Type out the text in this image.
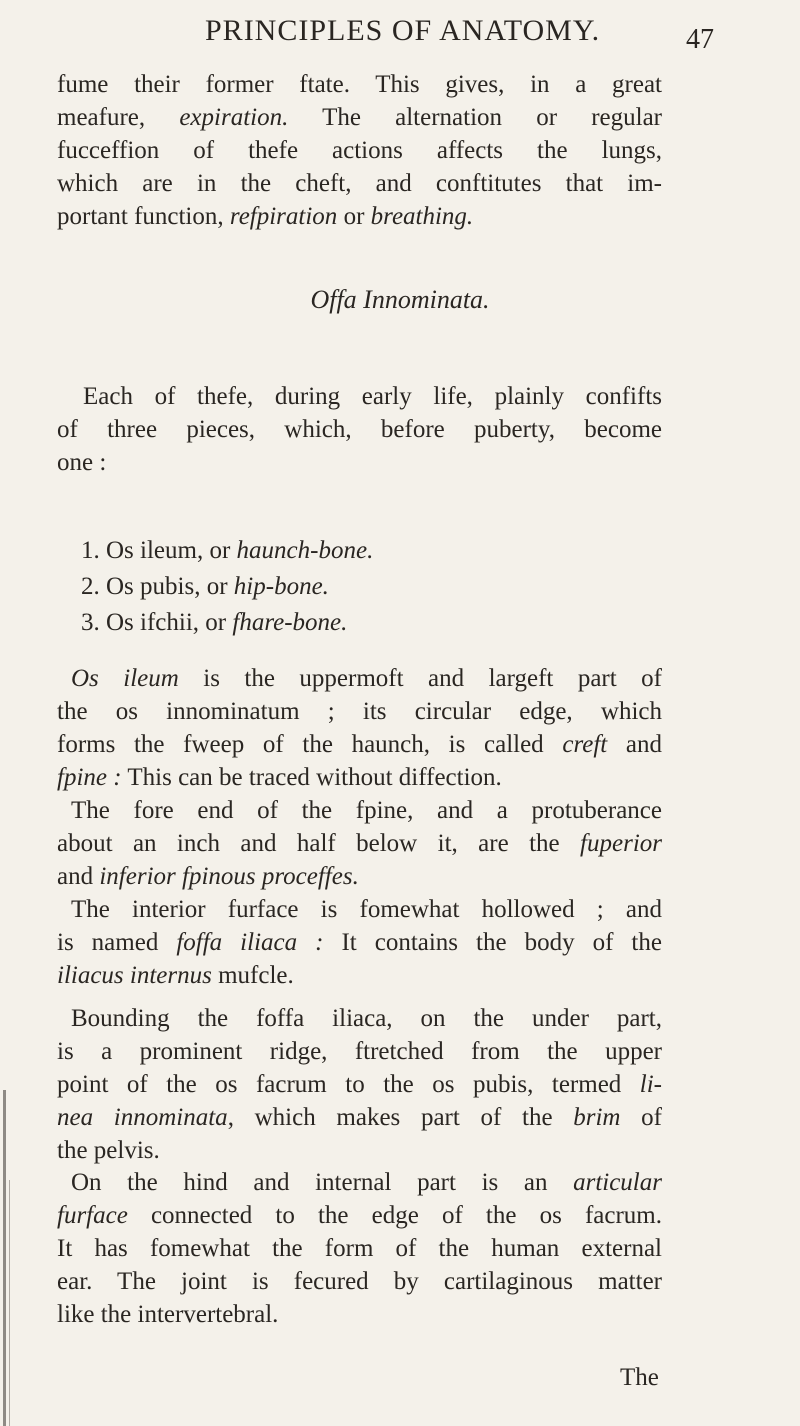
PRINCIPLES OF ANATOMY.	47
fume their former ftate. This gives, in a great
meafure, expiration. The alternation or regular
fucceffion of thefe actions affects the lungs,
which are in the cheft, and conftitutes that im-
portant function, refpiration or breathing.
Offa Innominata.
Each of thefe, during early life, plainly confifts
of three pieces, which, before puberty, become
one :
1. Os ileum, or haunch-bone.
2. Os pubis, or hip-bone.
3. Os ifchii, or fhare-bone.
Os ileum is the uppermoft and largeft part of
the os innominatum ; its circular edge, which
forms the fweep of the haunch, is called creft and
fpine : This can be traced without diffection.
The fore end of the fpine, and a protuberance
about an inch and half below it, are the fuperior
and inferior fpinous proceffes.
The interior furface is fomewhat hollowed ; and
is named foffa iliaca : It contains the body of the
iliacus internus mufcle.
Bounding the foffa iliaca, on the under part,
is a prominent ridge, ftretched from the upper
point of the os facrum to the os pubis, termed li-
nea innominata, which makes part of the brim of
the pelvis.
On the hind and internal part is an articular
furface connected to the edge of the os facrum.
It has fomewhat the form of the human external
ear. The joint is fecured by cartilaginous matter
like the intervertebral.
The
